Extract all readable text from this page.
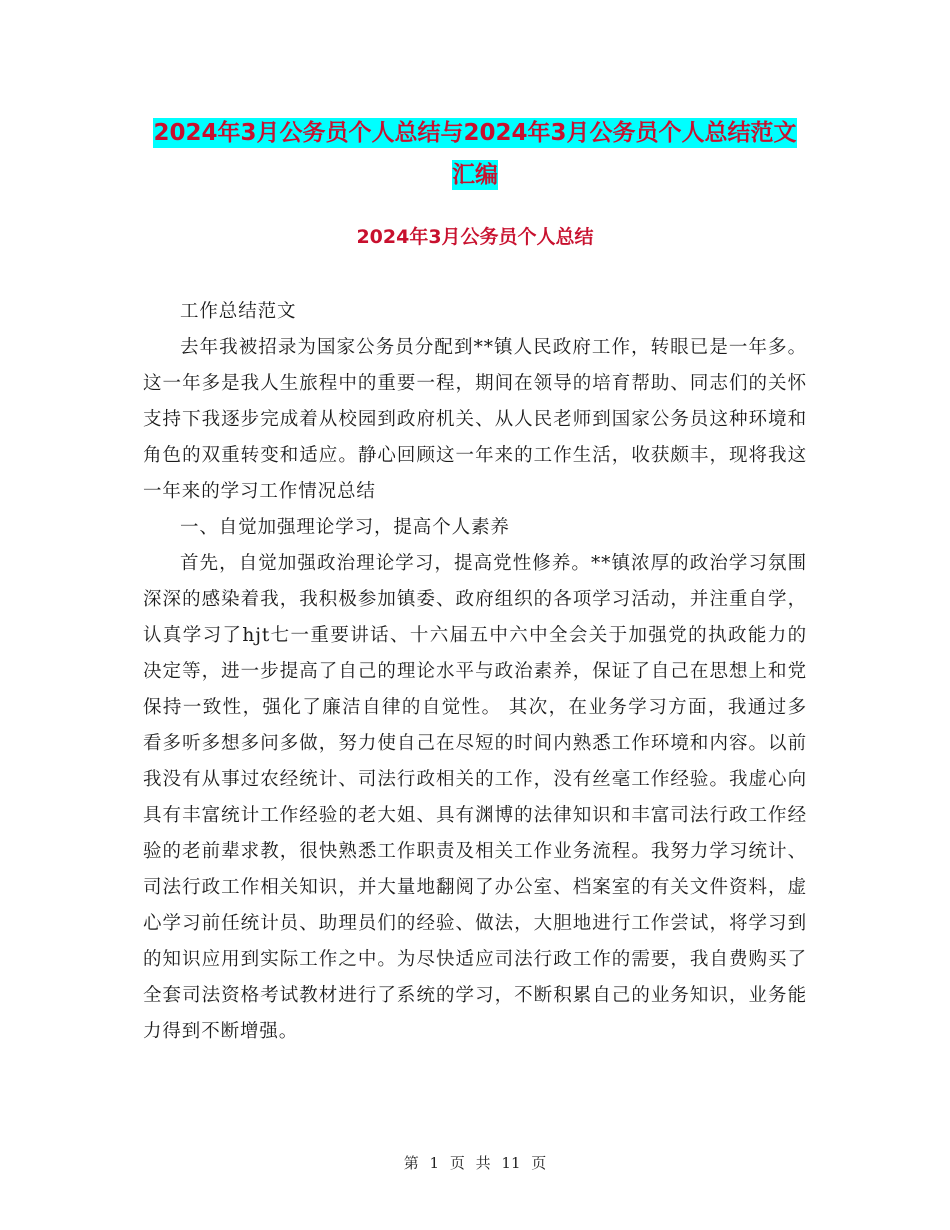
2024年3月公务员个人总结与2024年3月公务员个人总结范文汇编
2024年3月公务员个人总结

工作总结范文

去年我被招录为国家公务员分配到**镇人民政府工作，转眼已是一年多。这一年多是我人生旅程中的重要一程，期间在领导的培育帮助、同志们的关怀支持下我逐步完成着从校园到政府机关、从人民老师到国家公务员这种环境和角色的双重转变和适应。静心回顾这一年来的工作生活，收获颇丰，现将我这一年来的学习工作情况总结

一、自觉加强理论学习，提高个人素养

首先，自觉加强政治理论学习，提高党性修养。**镇浓厚的政治学习氛围深深的感染着我，我积极参加镇委、政府组织的各项学习活动，并注重自学，认真学习了hjt七一重要讲话、十六届五中六中全会关于加强党的执政能力的决定等，进一步提高了自己的理论水平与政治素养，保证了自己在思想上和党保持一致性，强化了廉洁自律的自觉性。 其次，在业务学习方面，我通过多看多听多想多问多做，努力使自己在尽短的时间内熟悉工作环境和内容。以前我没有从事过农经统计、司法行政相关的工作，没有丝毫工作经验。我虚心向具有丰富统计工作经验的老大姐、具有渊博的法律知识和丰富司法行政工作经验的老前辈求教，很快熟悉工作职责及相关工作业务流程。我努力学习统计、司法行政工作相关知识，并大量地翻阅了办公室、档案室的有关文件资料，虚心学习前任统计员、助理员们的经验、做法，大胆地进行工作尝试，将学习到的知识应用到实际工作之中。为尽快适应司法行政工作的需要，我自费购买了全套司法资格考试教材进行了系统的学习，不断积累自己的业务知识，业务能力得到不断增强。

第 1 页 共 11 页
